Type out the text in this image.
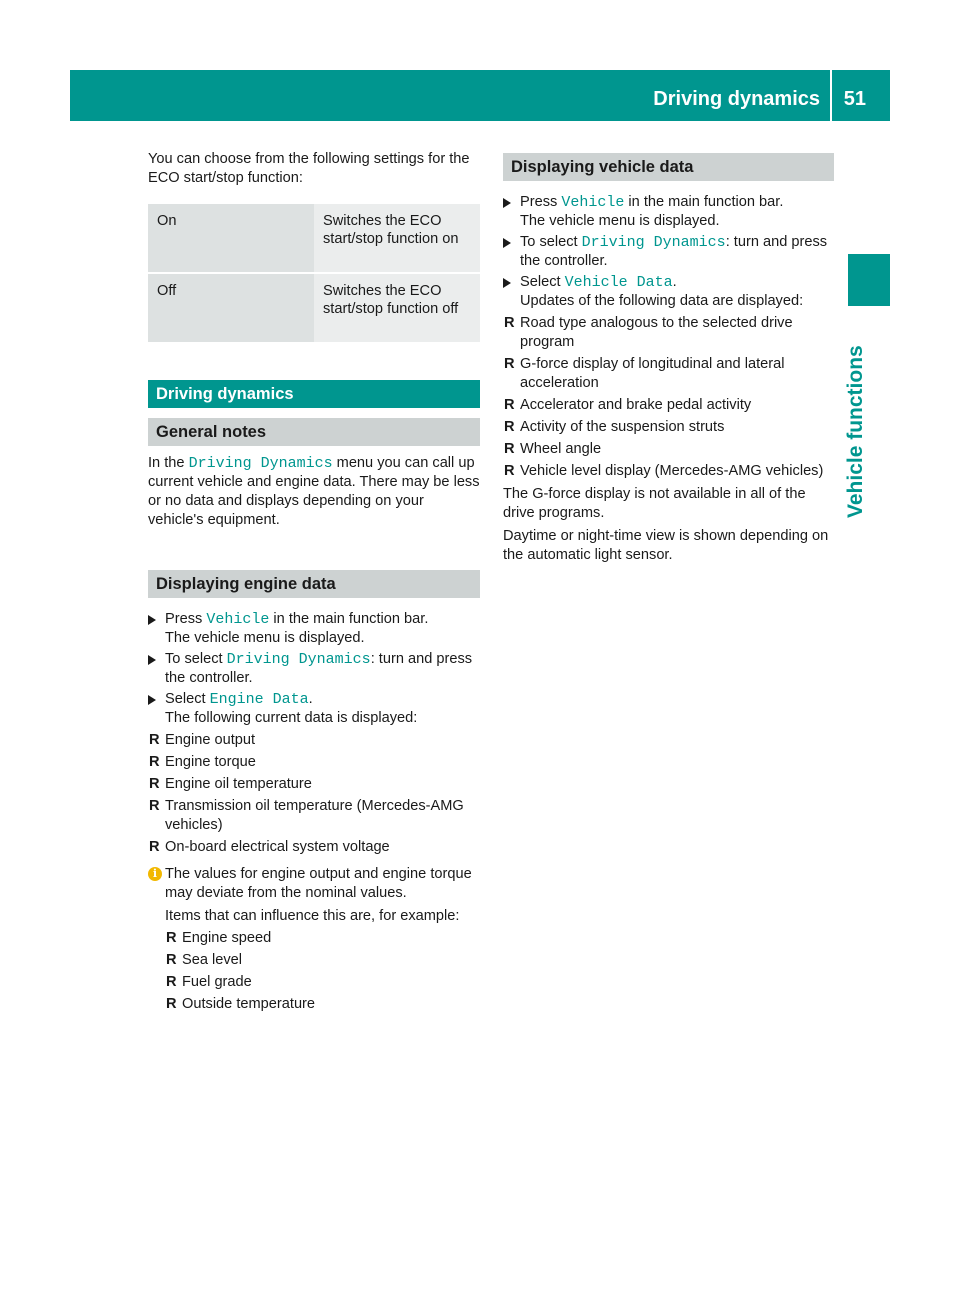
Driving dynamics 51
Vehicle functions

You can choose from the following settings for the ECO start/stop function:

On	Switches the ECO start/stop function on

Off	Switches the ECO start/stop function off
Driving dynamics
General notes

In the Driving Dynamics menu you can call up current vehicle and engine data. There may be less or no data and displays depending on your vehicle's equipment.

Displaying engine data
Press Vehicle in the main function bar.
The vehicle menu is displayed.
To select Driving Dynamics: turn and press the controller.
Select Engine Data.
The following current data is displayed:
R Engine output
R Engine torque
R Engine oil temperature
R Transmission oil temperature (Mercedes-AMG vehicles)
R On-board electrical system voltage
i The values for engine output and engine torque may deviate from the nominal values.

Items that can influence this are, for example:

R Engine speed
R Sea level
R Fuel grade
R Outside temperature
Displaying vehicle data
Press Vehicle in the main function bar.
The vehicle menu is displayed.
To select Driving Dynamics: turn and press the controller.
Select Vehicle Data.
Updates of the following data are displayed:
R Road type analogous to the selected drive program
R G-force display of longitudinal and lateral acceleration
R Accelerator and brake pedal activity
R Activity of the suspension struts
R Wheel angle
R Vehicle level display (Mercedes-AMG vehicles)

The G-force display is not available in all of the drive programs.

Daytime or night-time view is shown depending on the automatic light sensor.
